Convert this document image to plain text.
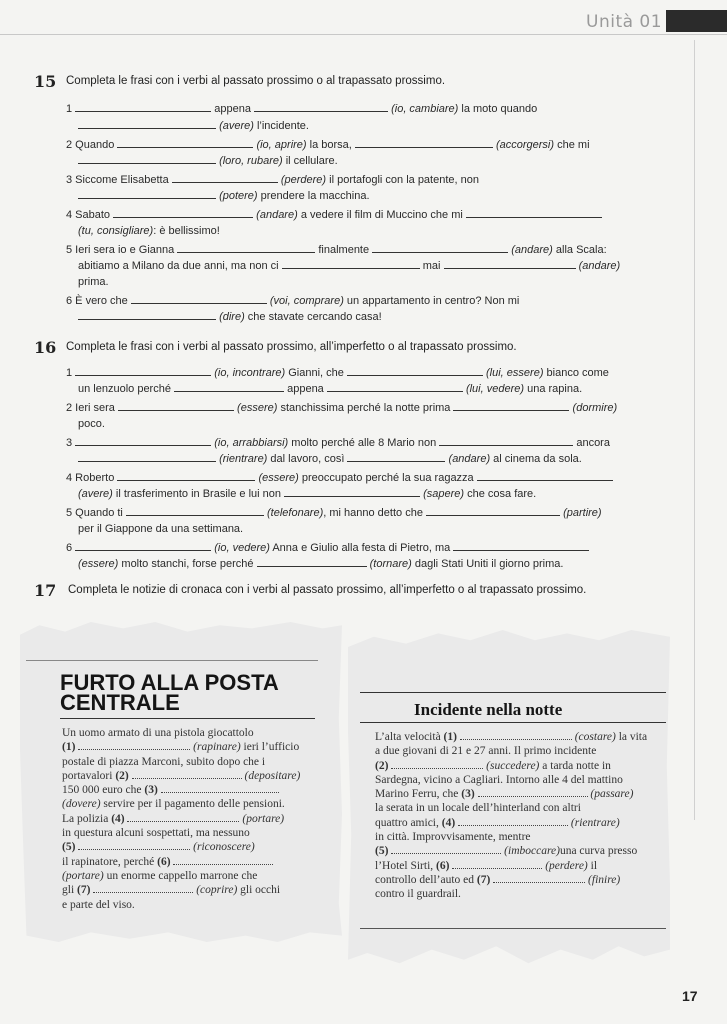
Unità 01
15 Completa le frasi con i verbi al passato prossimo o al trapassato prossimo.
1	appena	(io, cambiare) la moto quando
(avere) l’incidente.
2 Quando	(io, aprire) la borsa,	(accorgersi) che mi
(loro, rubare) il cellulare.
3 Siccome Elisabetta	(perdere) il portafogli con la patente, non
(potere) prendere la macchina.
4 Sabato	(andare) a vedere il film di Muccino che mi
(tu, consigliare): è bellissimo!
5 Ieri sera io e Gianna	finalmente	(andare) alla Scala:
abitiamo a Milano da due anni, ma non ci	mai	(andare)
prima.
6 È vero che	(voi, comprare) un appartamento in centro? Non mi
(dire) che stavate cercando casa!
16 Completa le frasi con i verbi al passato prossimo, all’imperfetto o al trapassato prossimo.
1	(io, incontrare) Gianni, che	(lui, essere) bianco come
un lenzuolo perché	appena	(lui, vedere) una rapina.
2 Ieri sera	(essere) stanchissima perché la notte prima	(dormire)
poco.
3	(io, arrabbiarsi) molto perché alle 8 Mario non	ancora
(rientrare) dal lavoro, così	(andare) al cinema da sola.
4 Roberto	(essere) preoccupato perché la sua ragazza
(avere) il trasferimento in Brasile e lui non	(sapere) che cosa fare.
5 Quando ti	(telefonare), mi hanno detto che	(partire)
per il Giappone da una settimana.
6	(io, vedere) Anna e Giulio alla festa di Pietro, ma
(essere) molto stanchi, forse perché	(tornare) dagli Stati Uniti il giorno prima.
17 Completa le notizie di cronaca con i verbi al passato prossimo, all’imperfetto o al trapassato prossimo.
FURTO ALLA POSTA
CENTRALE
Un uomo armato di una pistola giocattolo
(1)	(rapinare) ieri l’ufficio
postale di piazza Marconi, subito dopo che i
portavalori (2)	(depositare)
150 000 euro che (3)
(dovere) servire per il pagamento delle pensioni.
La polizia (4)	(portare)
in questura alcuni sospettati, ma nessuno
(5)	(riconoscere)
il rapinatore, perché (6)
(portare) un enorme cappello marrone che
gli (7)	(coprire) gli occhi
e parte del viso.
Incidente nella notte
L’alta velocità (1)	(costare) la vita
a due giovani di 21 e 27 anni. Il primo incidente
(2)	(succedere) a tarda notte in
Sardegna, vicino a Cagliari. Intorno alle 4 del mattino
Marino Ferru, che (3)	(passare)
la serata in un locale dell’hinterland con altri
quattro amici, (4)	(rientrare)
in città. Improvvisamente, mentre
(5)	(imboccare)una curva presso
l’Hotel Sirti, (6)	(perdere) il
controllo dell’auto ed (7)	(finire)
contro il guardrail.
17
